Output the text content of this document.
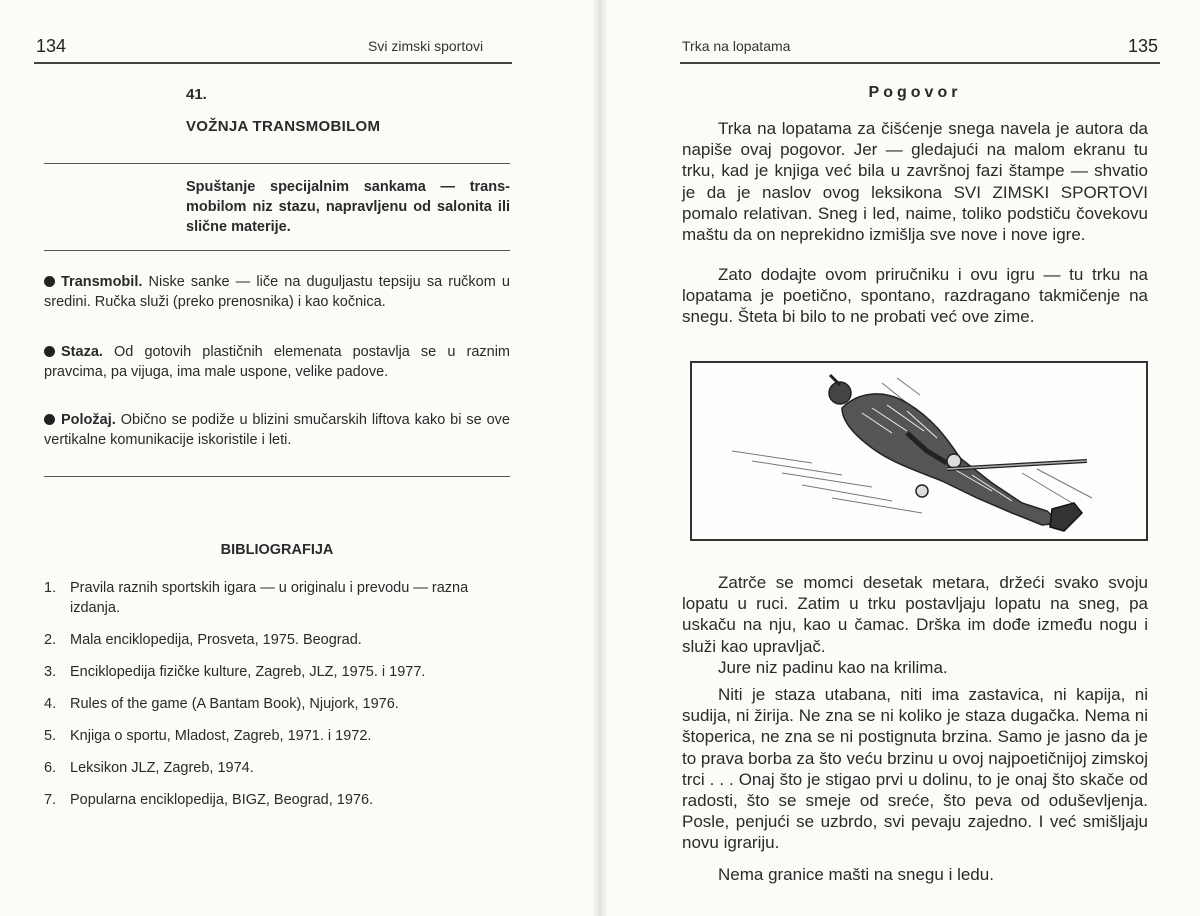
134	Svi zimski sportovi
41.
VOŽNJA TRANSMOBILOM
Spuštanje specijalnim sankama — trans-mobilom niz stazu, napravljenu od salonita ili slične materije.
Transmobil. Niske sanke — liče na duguljastu tepsiju sa ručkom u sredini. Ručka služi (preko prenosnika) i kao kočnica.
Staza. Od gotovih plastičnih elemenata postavlja se u raznim pravcima, pa vijuga, ima male uspone, velike padove.
Položaj. Obično se podiže u blizini smučarskih liftova kako bi se ove vertikalne komunikacije iskoristile i leti.
BIBLIOGRAFIJA
1. Pravila raznih sportskih igara — u originalu i prevodu — razna izdanja.
2. Mala enciklopedija, Prosveta, 1975. Beograd.
3. Enciklopedija fizičke kulture, Zagreb, JLZ, 1975. i 1977.
4. Rules of the game (A Bantam Book), Njujork, 1976.
5. Knjiga o sportu, Mladost, Zagreb, 1971. i 1972.
6. Leksikon JLZ, Zagreb, 1974.
7. Popularna enciklopedija, BIGZ, Beograd, 1976.
Trka na lopatama	135
Pogovor

Trka na lopatama za čišćenje snega navela je autora da napiše ovaj pogovor. Jer — gledajući na malom ekranu tu trku, kad je knjiga već bila u završnoj fazi štampe — shvatio je da je naslov ovog leksikona SVI ZIMSKI SPORTOVI pomalo relativan. Sneg i led, naime, toliko podstiču čovekovu maštu da on neprekidno izmišlja sve nove i nove igre.

Zato dodajte ovom priručniku i ovu igru — tu trku na lopatama je poetično, spontano, razdragano takmičenje na snegu. Šteta bi bilo to ne probati već ove zime.

Zatrče se momci desetak metara, držeći svako svoju lopatu u ruci. Zatim u trku postavljaju lopatu na sneg, pa uskaču na nju, kao u čamac. Drška im dođe između nogu i služi kao upravljač.

Jure niz padinu kao na krilima.

Niti je staza utabana, niti ima zastavica, ni kapija, ni sudija, ni žirija. Ne zna se ni koliko je staza dugačka. Nema ni štoperica, ne zna se ni postignuta brzina. Samo je jasno da je to prava borba za što veću brzinu u ovoj najpoetičnijoj zimskoj trci . . . Onaj što je stigao prvi u dolinu, to je onaj što skače od radosti, što se smeje od sreće, što peva od oduševljenja. Posle, penjući se uzbrdo, svi pevaju zajedno. I već smišljaju novu igrariju.

Nema granice mašti na snegu i ledu.
